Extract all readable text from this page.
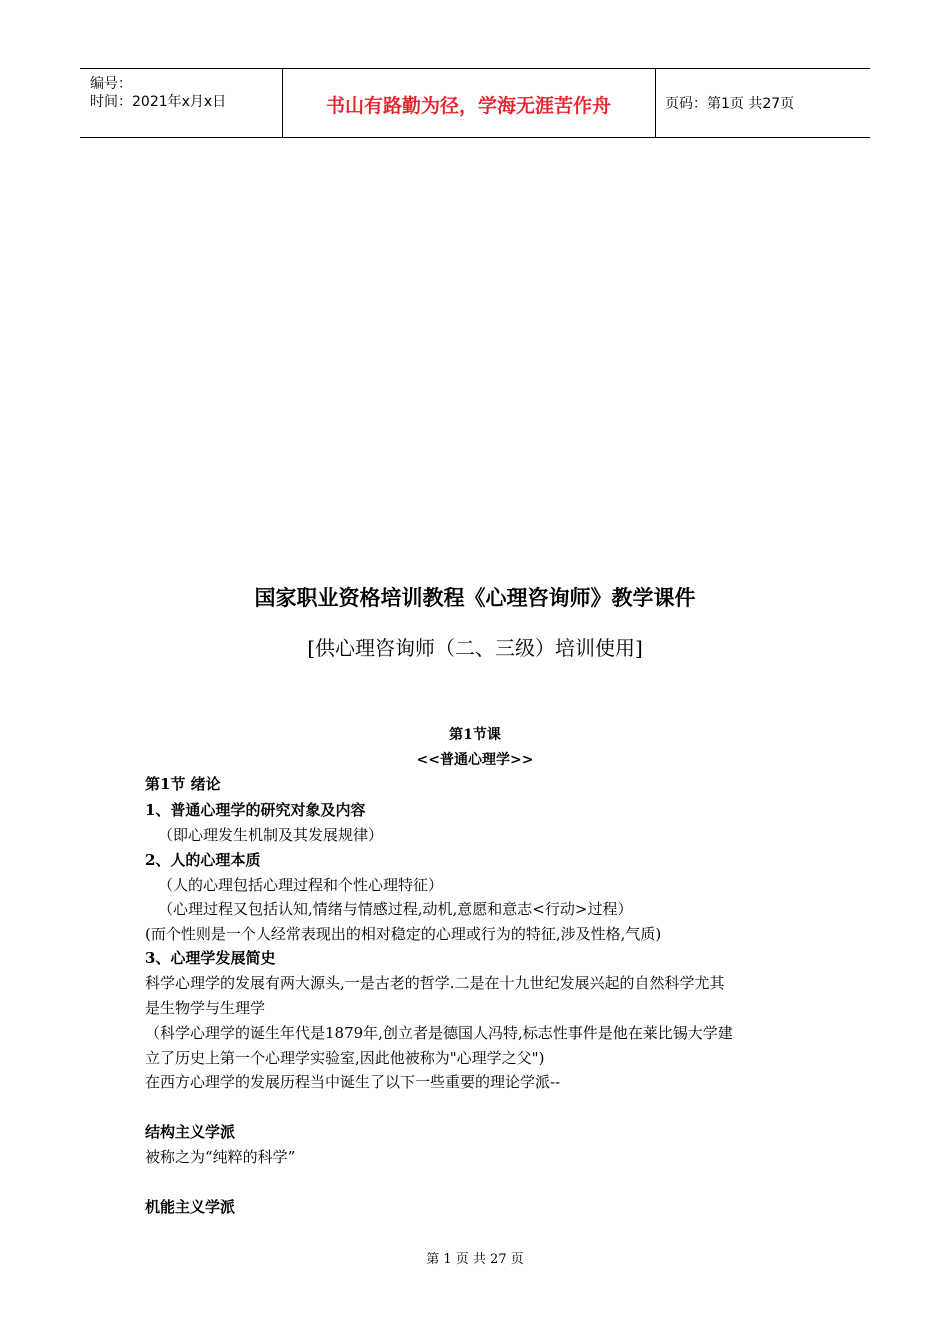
编号：
时间：2021年x月x日	书山有路勤为径，学海无涯苦作舟	页码：第1页 共27页
国家职业资格培训教程《心理咨询师》教学课件
[供心理咨询师（二、三级）培训使用]
第1节课
<<普通心理学>>
第1节 绪论
1、普通心理学的研究对象及内容
（即心理发生机制及其发展规律）
2、人的心理本质
（人的心理包括心理过程和个性心理特征）
（心理过程又包括认知,情绪与情感过程,动机,意愿和意志<行动>过程）
(而个性则是一个人经常表现出的相对稳定的心理或行为的特征,涉及性格,气质)
3、心理学发展简史
科学心理学的发展有两大源头,一是古老的哲学.二是在十九世纪发展兴起的自然科学尤其
是生物学与生理学
（科学心理学的诞生年代是1879年,创立者是德国人冯特,标志性事件是他在莱比锡大学建
立了历史上第一个心理学实验室,因此他被称为"心理学之父")
在西方心理学的发展历程当中诞生了以下一些重要的理论学派--
结构主义学派
被称之为“纯粹的科学”
机能主义学派
第 1 页 共 27 页
